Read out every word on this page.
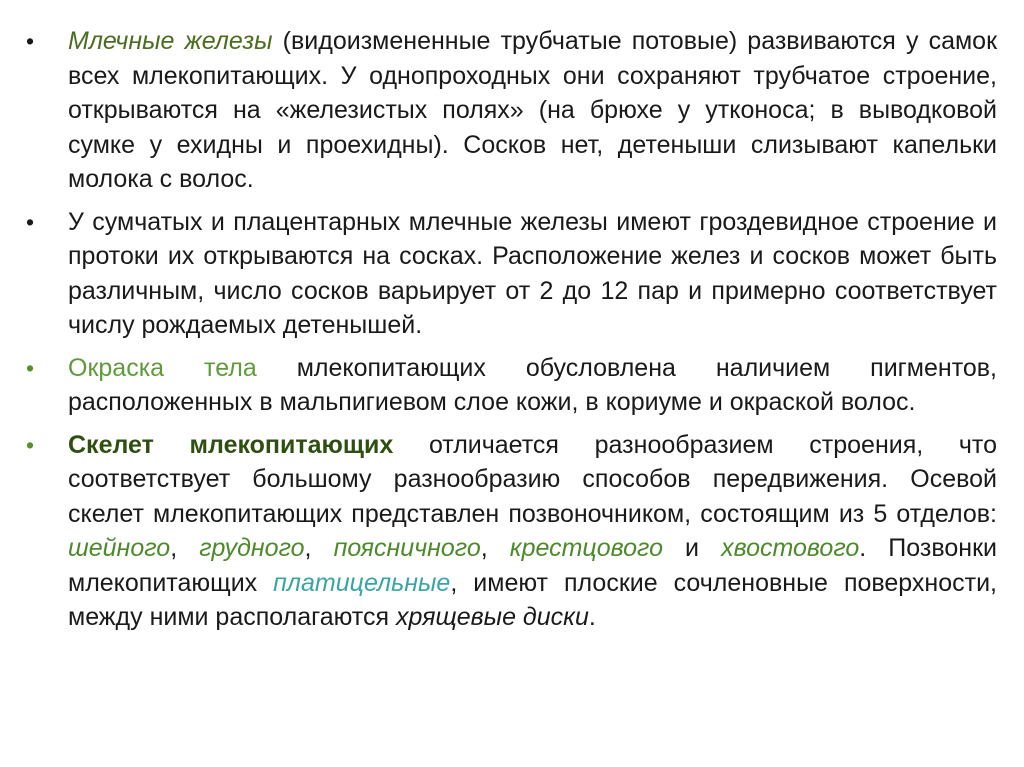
• Млечные железы (видоизмененные трубчатые потовые) развиваются у самок всех млекопитающих. У однопроходных они сохраняют трубчатое строение, открываются на «железистых полях» (на брюхе у утконоса; в выводковой сумке у ехидны и проехидны). Сосков нет, детеныши слизывают капельки молока с волос.

• У сумчатых и плацентарных млечные железы имеют гроздевидное строение и протоки их открываются на сосках. Расположение желез и сосков может быть различным, число сосков варьирует от 2 до 12 пар и примерно соответствует числу рождаемых детенышей.

• Окраска тела млекопитающих обусловлена наличием пигментов, расположенных в мальпигиевом слое кожи, в кориуме и окраской волос.

• Скелет млекопитающих отличается разнообразием строения, что соответствует большому разнообразию способов передвижения. Осевой скелет млекопитающих представлен позвоночником, состоящим из 5 отделов: шейного, грудного, поясничного, крестцового и хвостового. Позвонки млекопитающих платицельные, имеют плоские сочленовные поверхности, между ними располагаются хрящевые диски.
